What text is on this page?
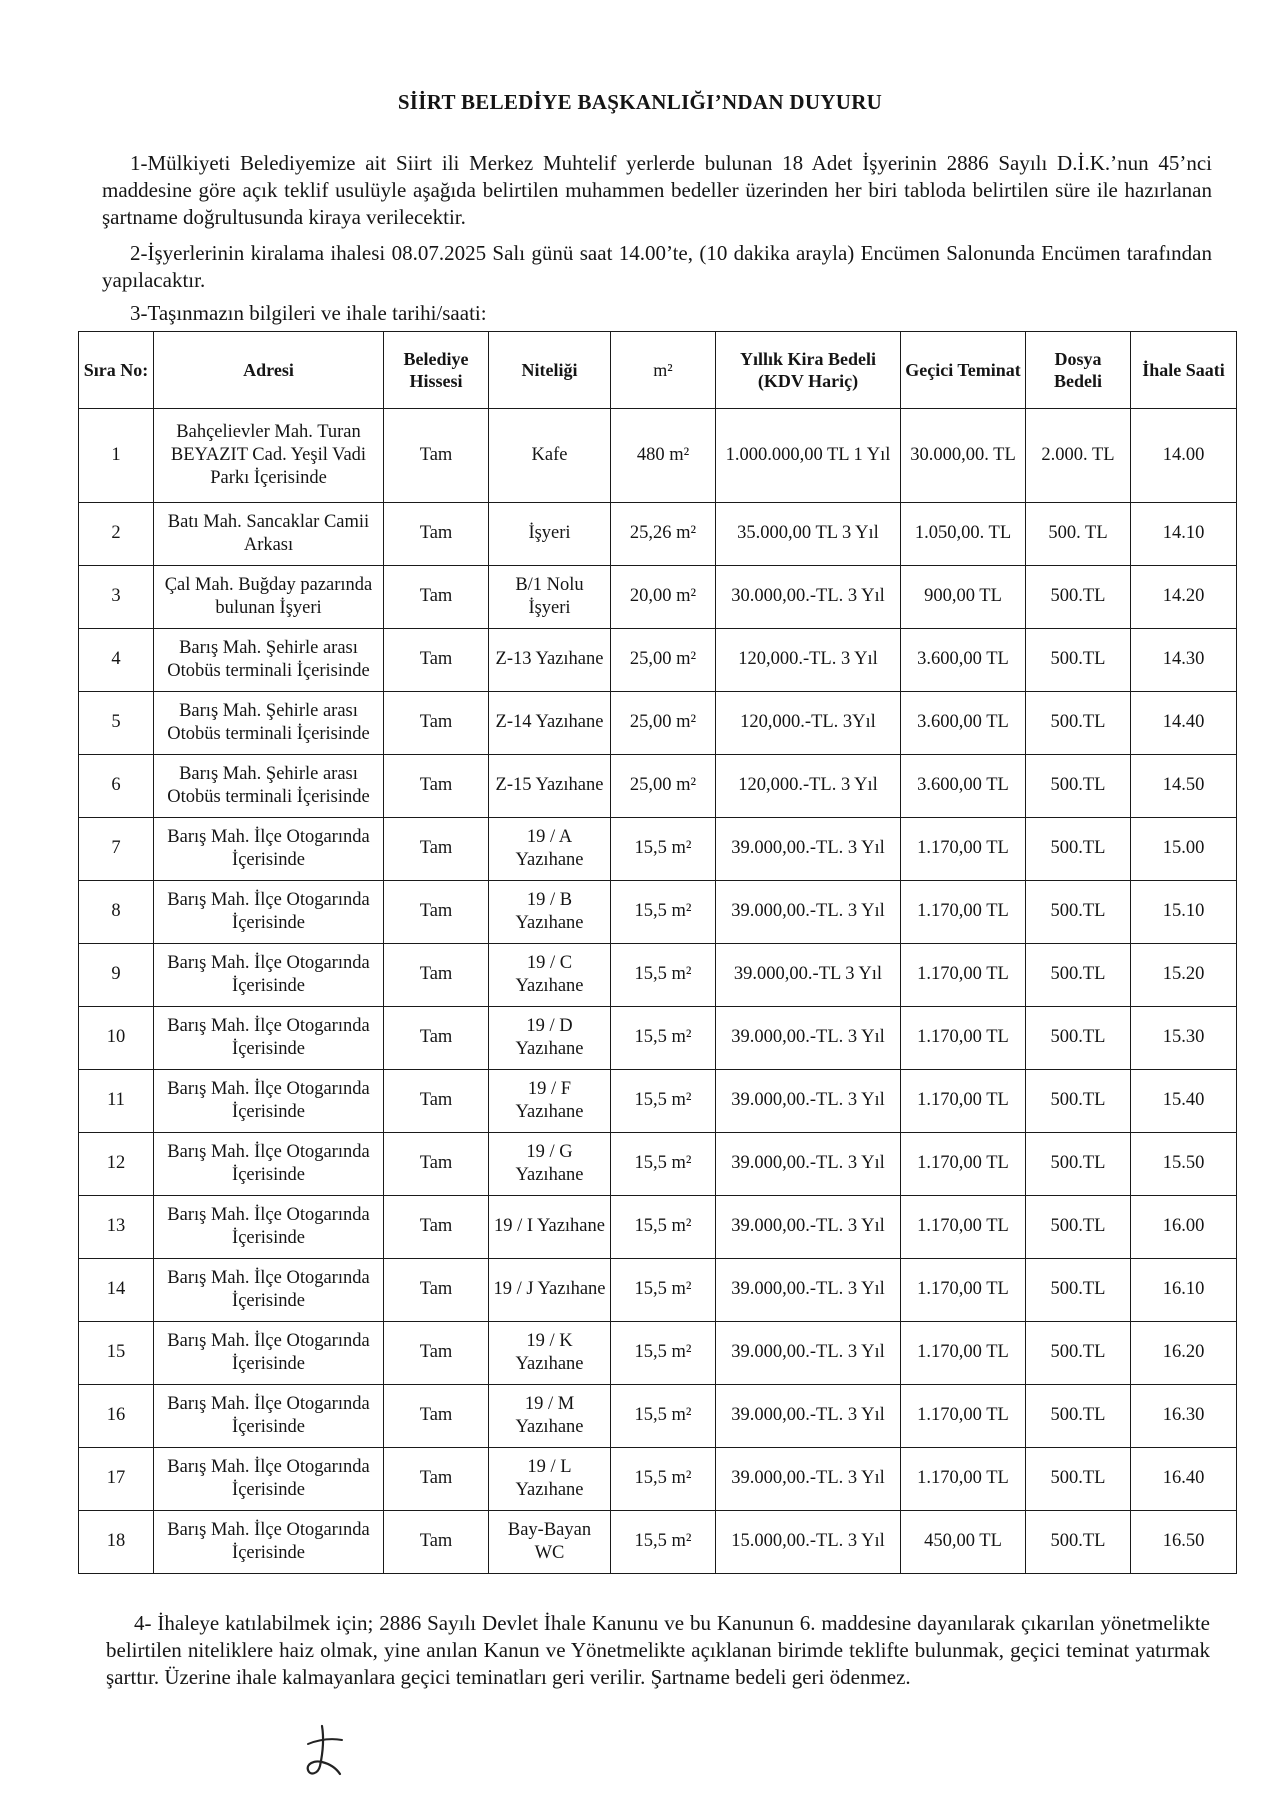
SİİRT BELEDİYE BAŞKANLIĞI’NDAN DUYURU
1-Mülkiyeti Belediyemize ait Siirt ili Merkez Muhtelif yerlerde bulunan 18 Adet İşyerinin 2886 Sayılı D.İ.K.’nun 45’nci maddesine göre açık teklif usulüyle aşağıda belirtilen muhammen bedeller üzerinden her biri tabloda belirtilen süre ile hazırlanan şartname doğrultusunda kiraya verilecektir.
2-İşyerlerinin kiralama ihalesi 08.07.2025 Salı günü saat 14.00’te, (10 dakika arayla) Encümen Salonunda Encümen tarafından yapılacaktır.
3-Taşınmazın bilgileri ve ihale tarihi/saati:
Sıra No:	Adresi	Belediye Hissesi	Niteliği	m²	Yıllık Kira Bedeli (KDV Hariç)	Geçici Teminat	Dosya Bedeli	İhale Saati
1	Bahçelievler Mah. Turan BEYAZIT Cad. Yeşil Vadi Parkı İçerisinde	Tam	Kafe	480 m²	1.000.000,00 TL 1 Yıl	30.000,00. TL	2.000. TL	14.00
2	Batı Mah. Sancaklar Camii Arkası	Tam	İşyeri	25,26 m²	35.000,00 TL 3 Yıl	1.050,00. TL	500. TL	14.10
3	Çal Mah. Buğday pazarında bulunan İşyeri	Tam	B/1 Nolu İşyeri	20,00 m²	30.000,00.-TL. 3 Yıl	900,00 TL	500.TL	14.20
4	Barış Mah. Şehirle arası Otobüs terminali İçerisinde	Tam	Z-13 Yazıhane	25,00 m²	120,000.-TL. 3 Yıl	3.600,00 TL	500.TL	14.30
5	Barış Mah. Şehirle arası Otobüs terminali İçerisinde	Tam	Z-14 Yazıhane	25,00 m²	120,000.-TL. 3Yıl	3.600,00 TL	500.TL	14.40
6	Barış Mah. Şehirle arası Otobüs terminali İçerisinde	Tam	Z-15 Yazıhane	25,00 m²	120,000.-TL. 3 Yıl	3.600,00 TL	500.TL	14.50
7	Barış Mah. İlçe Otogarında İçerisinde	Tam	19 / A Yazıhane	15,5 m²	39.000,00.-TL. 3 Yıl	1.170,00 TL	500.TL	15.00
8	Barış Mah. İlçe Otogarında İçerisinde	Tam	19 / B Yazıhane	15,5 m²	39.000,00.-TL. 3 Yıl	1.170,00 TL	500.TL	15.10
9	Barış Mah. İlçe Otogarında İçerisinde	Tam	19 / C Yazıhane	15,5 m²	39.000,00.-TL 3 Yıl	1.170,00 TL	500.TL	15.20
10	Barış Mah. İlçe Otogarında İçerisinde	Tam	19 / D Yazıhane	15,5 m²	39.000,00.-TL. 3 Yıl	1.170,00 TL	500.TL	15.30
11	Barış Mah. İlçe Otogarında İçerisinde	Tam	19 / F Yazıhane	15,5 m²	39.000,00.-TL. 3 Yıl	1.170,00 TL	500.TL	15.40
12	Barış Mah. İlçe Otogarında İçerisinde	Tam	19 / G Yazıhane	15,5 m²	39.000,00.-TL. 3 Yıl	1.170,00 TL	500.TL	15.50
13	Barış Mah. İlçe Otogarında İçerisinde	Tam	19 / I Yazıhane	15,5 m²	39.000,00.-TL. 3 Yıl	1.170,00 TL	500.TL	16.00
14	Barış Mah. İlçe Otogarında İçerisinde	Tam	19 / J Yazıhane	15,5 m²	39.000,00.-TL. 3 Yıl	1.170,00 TL	500.TL	16.10
15	Barış Mah. İlçe Otogarında İçerisinde	Tam	19 / K Yazıhane	15,5 m²	39.000,00.-TL. 3 Yıl	1.170,00 TL	500.TL	16.20
16	Barış Mah. İlçe Otogarında İçerisinde	Tam	19 / M Yazıhane	15,5 m²	39.000,00.-TL. 3 Yıl	1.170,00 TL	500.TL	16.30
17	Barış Mah. İlçe Otogarında İçerisinde	Tam	19 / L Yazıhane	15,5 m²	39.000,00.-TL. 3 Yıl	1.170,00 TL	500.TL	16.40
18	Barış Mah. İlçe Otogarında İçerisinde	Tam	Bay-Bayan WC	15,5 m²	15.000,00.-TL. 3 Yıl	450,00 TL	500.TL	16.50
4- İhaleye katılabilmek için; 2886 Sayılı Devlet İhale Kanunu ve bu Kanunun 6. maddesine dayanılarak çıkarılan yönetmelikte belirtilen niteliklere haiz olmak, yine anılan Kanun ve Yönetmelikte açıklanan birimde teklifte bulunmak, geçici teminat yatırmak şarttır. Üzerine ihale kalmayanlara geçici teminatları geri verilir. Şartname bedeli geri ödenmez.
